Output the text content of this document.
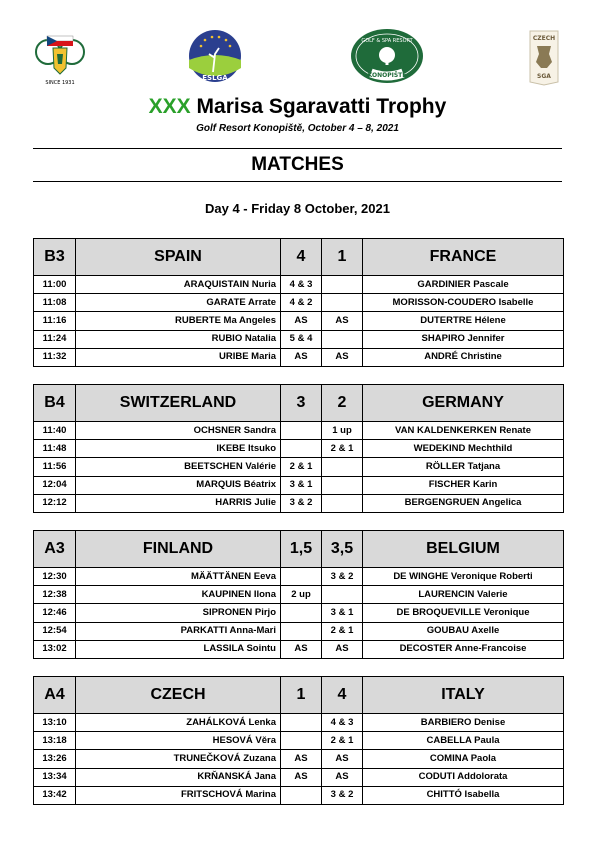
SINCE 1931
ESLGA
GOLF & SPA RESORT
KONOPIŠTĚ
CZECH
SGA
XXX Marisa Sgaravatti Trophy
Golf Resort Konopiště, October 4 – 8, 2021
MATCHES
Day 4 - Friday 8 October, 2021
B3	SPAIN	4	1	FRANCE
11:00	ARAQUISTAIN Nuria	4 & 3		GARDINIER Pascale
11:08	GARATE Arrate	4 & 2		MORISSON-COUDERO Isabelle
11:16	RUBERTE Ma Angeles	AS	AS	DUTERTRE Hélene
11:24	RUBIO Natalia	5 & 4		SHAPIRO Jennifer
11:32	URIBE Maria	AS	AS	ANDRÉ Christine
B4	SWITZERLAND	3	2	GERMANY
11:40	OCHSNER Sandra		1 up	VAN KALDENKERKEN Renate
11:48	IKEBE Itsuko		2 & 1	WEDEKIND Mechthild
11:56	BEETSCHEN Valérie	2 & 1		RÖLLER Tatjana
12:04	MARQUIS Béatrix	3 & 1		FISCHER Karin
12:12	HARRIS Julie	3 & 2		BERGENGRUEN Angelica
A3	FINLAND	1,5	3,5	BELGIUM
12:30	MÄÄTTÄNEN Eeva		3 & 2	DE WINGHE Veronique Roberti
12:38	KAUPINEN Ilona	2 up		LAURENCIN Valerie
12:46	SIPRONEN Pirjo		3 & 1	DE BROQUEVILLE Veronique
12:54	PARKATTI Anna-Mari		2 & 1	GOUBAU Axelle
13:02	LASSILA Sointu	AS	AS	DECOSTER Anne-Francoise
A4	CZECH	1	4	ITALY
13:10	ZAHÁLKOVÁ Lenka		4 & 3	BARBIERO Denise
13:18	HESOVÁ Věra		2 & 1	CABELLA Paula
13:26	TRUNEČKOVÁ Zuzana	AS	AS	COMINA Paola
13:34	KRŇANSKÁ Jana	AS	AS	CODUTI Addolorata
13:42	FRITSCHOVÁ Marina		3 & 2	CHITTÓ Isabella
